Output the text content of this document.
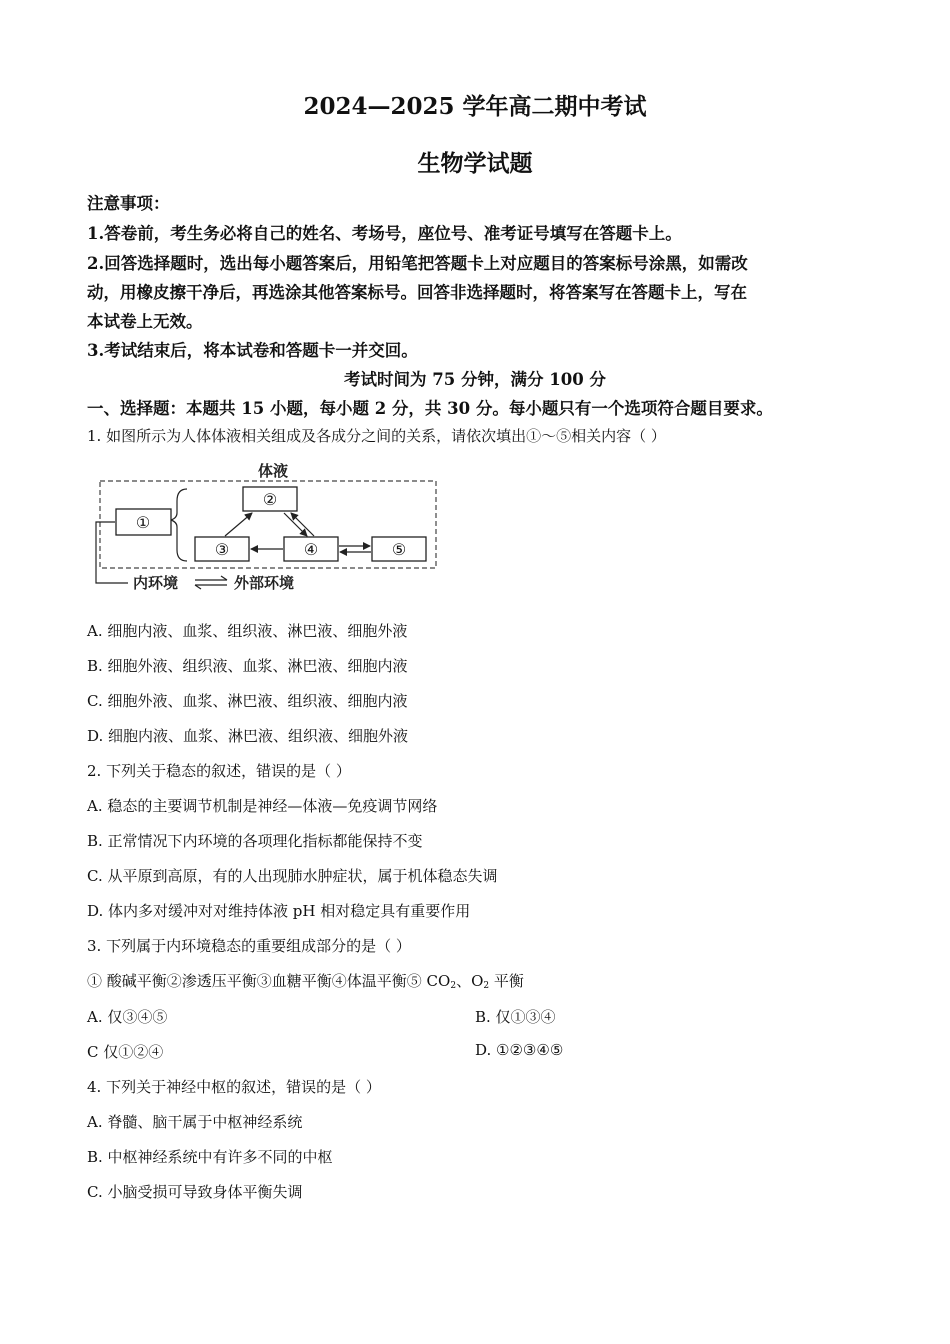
2024—2025 学年高二期中考试
生物学试题
注意事项：
1.答卷前，考生务必将自己的姓名、考场号，座位号、准考证号填写在答题卡上。
2.回答选择题时，选出每小题答案后，用铅笔把答题卡上对应题目的答案标号涂黑，如需改
动，用橡皮擦干净后，再选涂其他答案标号。回答非选择题时，将答案写在答题卡上，写在
本试卷上无效。
3.考试结束后，将本试卷和答题卡一并交回。
考试时间为 75 分钟，满分 100 分
一、选择题：本题共 15 小题，每小题 2 分，共 30 分。每小题只有一个选项符合题目要求。
1. 如图所示为人体体液相关组成及各成分之间的关系，请依次填出①～⑤相关内容（ ）
体液
①
②
③	④	⑤
内环境	外部环境
A. 细胞内液、血浆、组织液、淋巴液、细胞外液
B. 细胞外液、组织液、血浆、淋巴液、细胞内液
C. 细胞外液、血浆、淋巴液、组织液、细胞内液
D. 细胞内液、血浆、淋巴液、组织液、细胞外液
2. 下列关于稳态的叙述，错误的是（ ）
A. 稳态的主要调节机制是神经—体液—免疫调节网络
B. 正常情况下内环境的各项理化指标都能保持不变
C. 从平原到高原，有的人出现肺水肿症状，属于机体稳态失调
D. 体内多对缓冲对对维持体液 pH 相对稳定具有重要作用
3. 下列属于内环境稳态的重要组成部分的是（ ）
① 酸碱平衡②渗透压平衡③血糖平衡④体温平衡⑤ $CO_2$、$O_2$ 平衡
A. 仅③④⑤	B. 仅①③④
C 仅①②④	D. ①②③④⑤
4. 下列关于神经中枢的叙述，错误的是（ ）
A. 脊髓、脑干属于中枢神经系统
B. 中枢神经系统中有许多不同的中枢
C. 小脑受损可导致身体平衡失调
